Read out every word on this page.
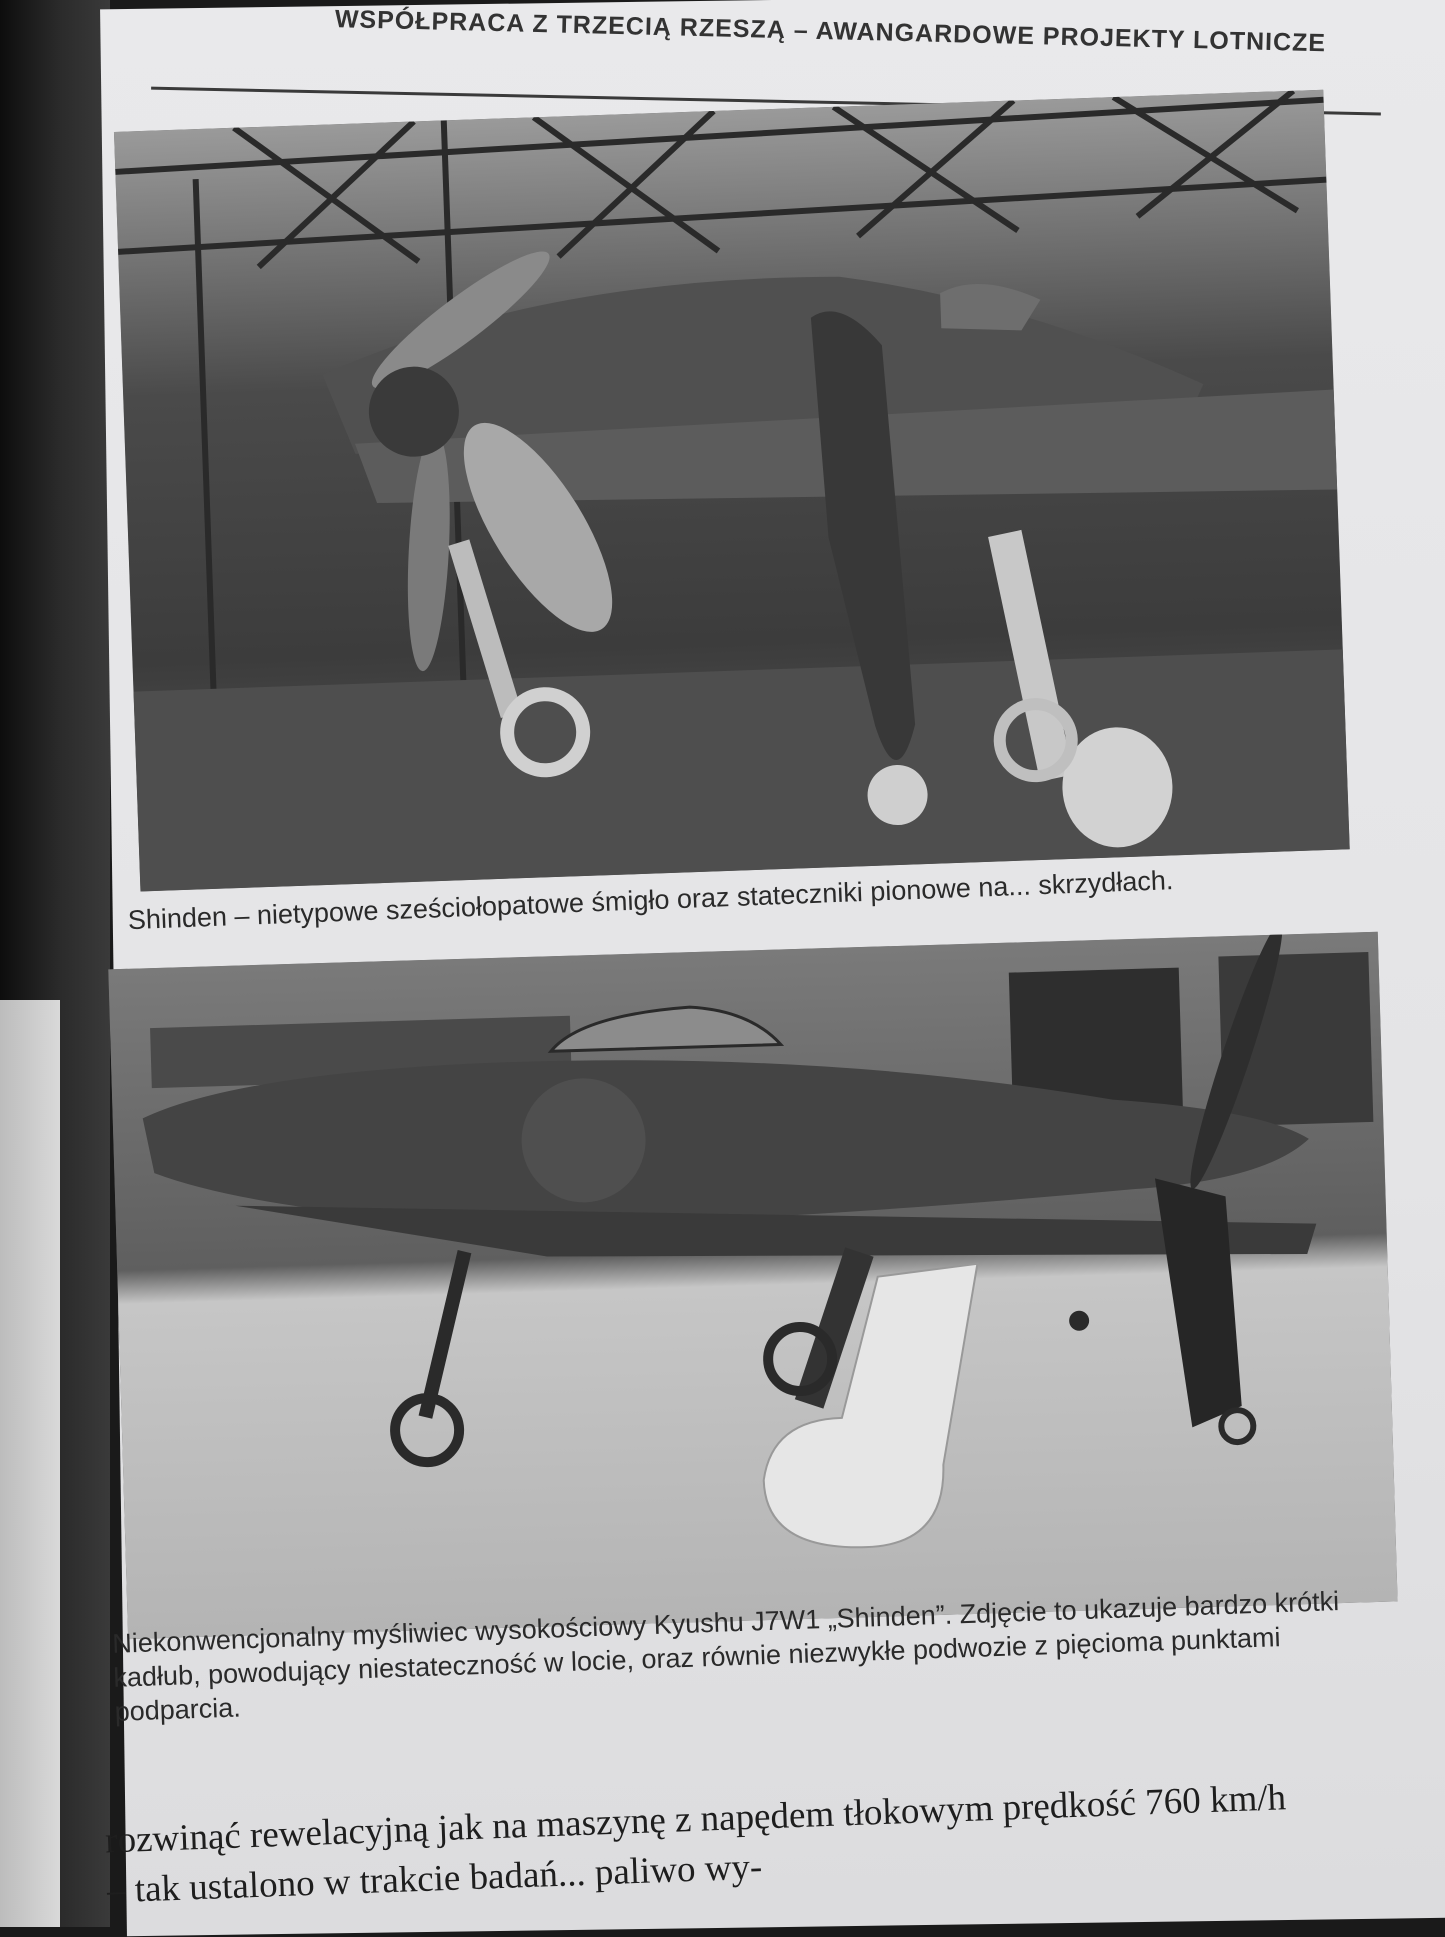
WSPÓŁPRACA Z TRZECIĄ RZESZĄ – AWANGARDOWE PROJEKTY LOTNICZE
Shinden – nietypowe sześciołopatowe śmigło oraz stateczniki pionowe na... skrzydłach.
Niekonwencjonalny myśliwiec wysokościowy Kyushu J7W1 „Shinden”. Zdjęcie to ukazuje bardzo krótki kadłub, powodujący niestateczność w locie, oraz równie niezwykłe podwozie z pięcioma punktami podparcia.

rozwinąć rewelacyjną jak na maszynę z napędem tłokowym prędkość 760 km/h

– tak ustalono w trakcie badań... paliwo wy-
